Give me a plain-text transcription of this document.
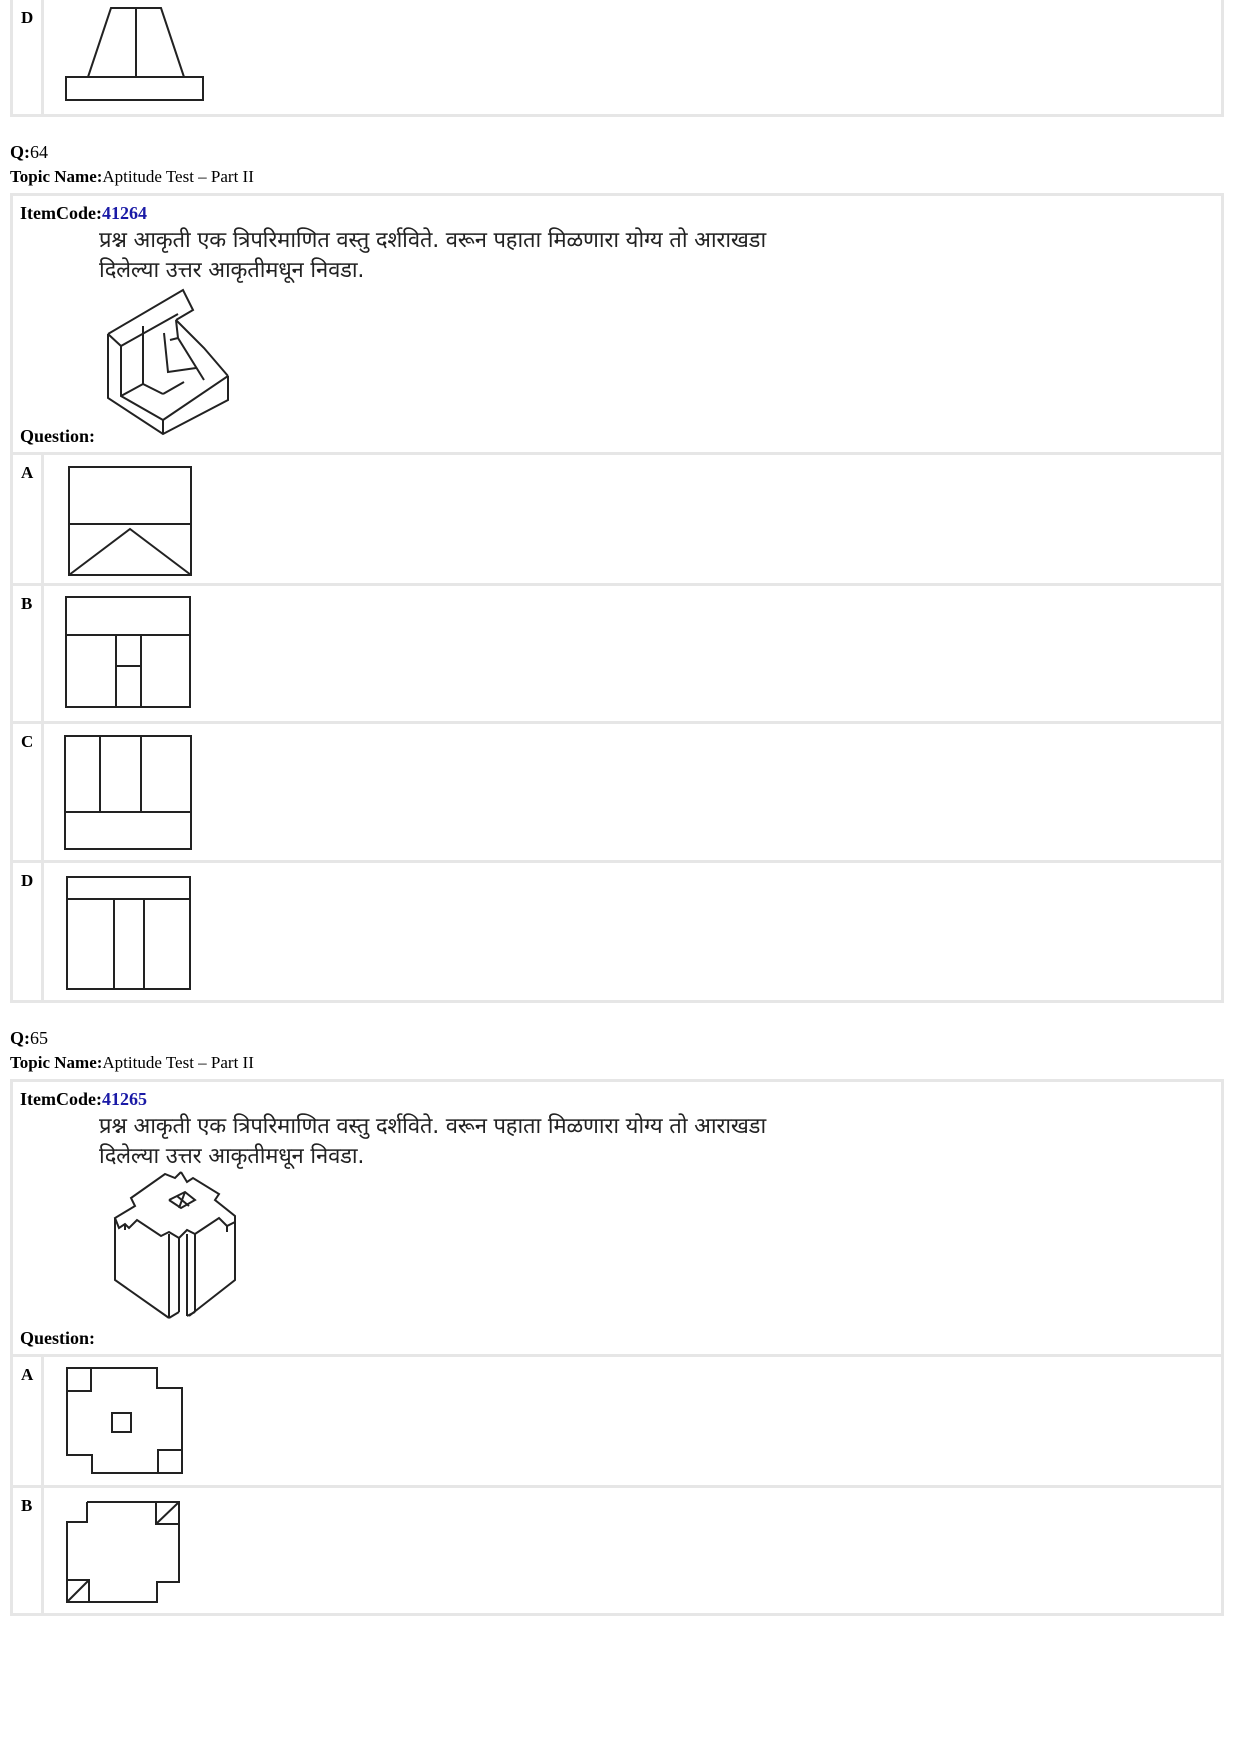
D
Q:64
Topic Name:Aptitude Test – Part II
ItemCode:41264
प्रश्न आकृती एक त्रिपरिमाणित वस्तु दर्शविते. वरून पहाता मिळणारा योग्य तो आराखडा
दिलेल्या उत्तर आकृतीमधून निवडा.
Question:
A
B
C
D
Q:65
Topic Name:Aptitude Test – Part II
ItemCode:41265
प्रश्न आकृती एक त्रिपरिमाणित वस्तु दर्शविते. वरून पहाता मिळणारा योग्य तो आराखडा
दिलेल्या उत्तर आकृतीमधून निवडा.
Question:
A
B
